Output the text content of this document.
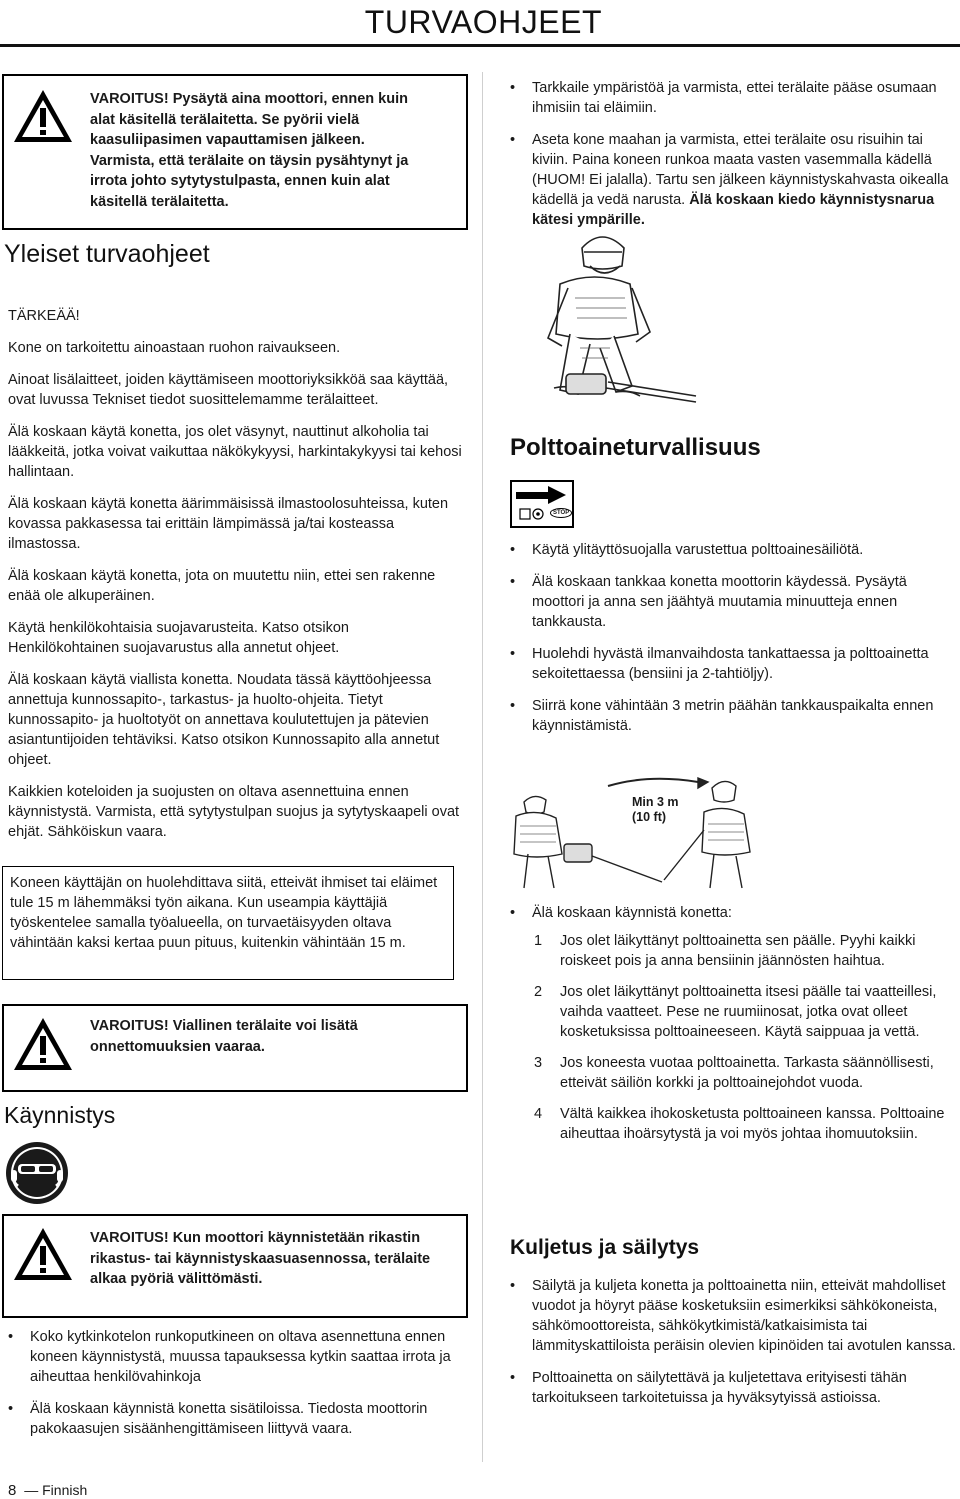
TURVAOHJEET
VAROITUS! Pysäytä aina moottori, ennen kuin alat käsitellä terälaitetta. Se pyörii vielä kaasuliipasimen vapauttamisen jälkeen. Varmista, että terälaite on täysin pysähtynyt ja irrota johto sytytystulpasta, ennen kuin alat käsitellä terälaitetta.
Yleiset turvaohjeet
TÄRKEÄÄ!

Kone on tarkoitettu ainoastaan ruohon raivaukseen.

Ainoat lisälaitteet, joiden käyttämiseen moottoriyksikköä saa käyttää, ovat luvussa Tekniset tiedot suosittelemamme terälaitteet.

Älä koskaan käytä konetta, jos olet väsynyt, nauttinut alkoholia tai lääkkeitä, jotka voivat vaikuttaa näkökykyysi, harkintakykyysi tai kehosi hallintaan.

Älä koskaan käytä konetta äärimmäisissä ilmastoolosuhteissa, kuten kovassa pakkasessa tai erittäin lämpimässä ja/tai kosteassa ilmastossa.

Älä koskaan käytä konetta, jota on muutettu niin, ettei sen rakenne enää ole alkuperäinen.

Käytä henkilökohtaisia suojavarusteita. Katso otsikon Henkilökohtainen suojavarustus alla annetut ohjeet.

Älä koskaan käytä viallista konetta. Noudata tässä käyttöohjeessa annettuja kunnossapito-, tarkastus- ja huolto-ohjeita. Tietyt kunnossapito- ja huoltotyöt on annettava koulutettujen ja pätevien asiantuntijoiden tehtäviksi. Katso otsikon Kunnossapito alla annetut ohjeet.

Kaikkien koteloiden ja suojusten on oltava asennettuina ennen käynnistystä. Varmista, että sytytystulpan suojus ja sytytyskaapeli ovat ehjät. Sähköiskun vaara.

Koneen käyttäjän on huolehdittava siitä, etteivät ihmiset tai eläimet tule 15 m lähemmäksi työn aikana. Kun useampia käyttäjiä työskentelee samalla työalueella, on turvaetäisyyden oltava vähintään kaksi kertaa puun pituus, kuitenkin vähintään 15 m.
VAROITUS! Viallinen terälaite voi lisätä onnettomuuksien vaaraa.
Käynnistys
VAROITUS! Kun moottori käynnistetään rikastin rikastus- tai käynnistyskaasuasennossa, terälaite alkaa pyöriä välittömästi.
• Koko kytkinkotelon runkoputkineen on oltava asennettuna ennen koneen käynnistystä, muussa tapauksessa kytkin saattaa irrota ja aiheuttaa henkilövahinkoja
• Älä koskaan käynnistä konetta sisätiloissa. Tiedosta moottorin pakokaasujen sisäänhengittämiseen liittyvä vaara.
8 — Finnish
• Tarkkaile ympäristöä ja varmista, ettei terälaite pääse osumaan ihmisiin tai eläimiin.
• Aseta kone maahan ja varmista, ettei terälaite osu risuihin tai kiviin. Paina koneen runkoa maata vasten vasemmalla kädellä (HUOM! Ei jalalla). Tartu sen jälkeen käynnistyskahvasta oikealla kädellä ja vedä narusta. Älä koskaan kiedo käynnistysnarua kätesi ympärille.
Polttoaineturvallisuus
STOP
• Käytä ylitäyttösuojalla varustettua polttoainesäiliötä.
• Älä koskaan tankkaa konetta moottorin käydessä. Pysäytä moottori ja anna sen jäähtyä muutamia minuutteja ennen tankkausta.
• Huolehdi hyvästä ilmanvaihdosta tankattaessa ja polttoainetta sekoitettaessa (bensiini ja 2-tahtiöljy).
• Siirrä kone vähintään 3 metrin päähän tankkauspaikalta ennen käynnistämistä.
Min 3 m
(10 ft)
• Älä koskaan käynnistä konetta:
1 Jos olet läikyttänyt polttoainetta sen päälle. Pyyhi kaikki roiskeet pois ja anna bensiinin jäännösten haihtua.
2 Jos olet läikyttänyt polttoainetta itsesi päälle tai vaatteillesi, vaihda vaatteet. Pese ne ruumiinosat, jotka ovat olleet kosketuksissa polttoaineeseen. Käytä saippuaa ja vettä.
3 Jos koneesta vuotaa polttoainetta. Tarkasta säännöllisesti, etteivät säiliön korkki ja polttoainejohdot vuoda.
4 Vältä kaikkea ihokosketusta polttoaineen kanssa. Polttoaine aiheuttaa ihoärsytystä ja voi myös johtaa ihomuutoksiin.
Kuljetus ja säilytys
• Säilytä ja kuljeta konetta ja polttoainetta niin, etteivät mahdolliset vuodot ja höyryt pääse kosketuksiin esimerkiksi sähkökoneista, sähkömoottoreista, sähkökytkimistä/katkaisimista tai lämmityskattiloista peräisin olevien kipinöiden tai avotulen kanssa.
• Polttoainetta on säilytettävä ja kuljetettava erityisesti tähän tarkoitukseen tarkoitetuissa ja hyväksytyissä astioissa.
